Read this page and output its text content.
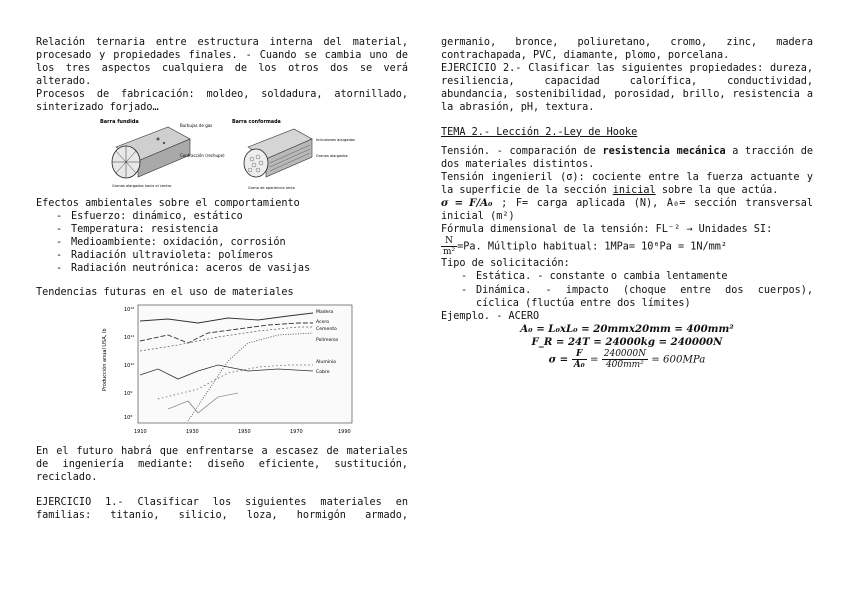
Relación ternaria entre estructura interna del material, procesado y propiedades finales. - Cuando se cambia uno de los tres aspectos cualquiera de los otros dos se verá alterado.

Procesos de fabricación: moldeo, soldadura, atornillado, sinterizado forjado…

Barra fundida
Burbujas de gas
Contracción (rechupe)
Granos alargados hacia el centro
Barra conformada
Inclusiones alargadas
Granos alargados
Grano de apariencia recta

Efectos ambientales sobre el comportamiento

- Esfuerzo: dinámico, estático
- Temperatura: resistencia
- Medioambiente: oxidación, corrosión
- Radiación ultravioleta: polímeros
- Radiación neutrónica: aceros de vasijas

Tendencias futuras en el uso de materiales

Producción anual USA, lb
10¹²
10¹¹
10¹⁰
10⁹
10⁸
1910	1930	1950	1970	1990
Madera
Acero
Cemento
Polímeros
Aluminio
Cobre

En el futuro habrá que enfrentarse a escasez de materiales de ingeniería mediante: diseño eficiente, sustitución, reciclado.

EJERCICIO 1.- Clasificar los siguientes materiales en familias: titanio, silicio, loza, hormigón armado,

germanio, bronce, poliuretano, cromo, zinc, madera contrachapada, PVC, diamante, plomo, porcelana.

EJERCICIO 2.- Clasificar las siguientes propiedades: dureza, resiliencia, capacidad calorífica, conductividad, abundancia, sostenibilidad, porosidad, brillo, resistencia a la abrasión, pH, textura.

TEMA 2.- Lección 2.-Ley de Hooke

Tensión. - comparación de resistencia mecánica a tracción de dos materiales distintos.

Tensión ingenieril (σ): cociente entre la fuerza actuante y la superficie de la sección inicial sobre la que actúa.

σ = F/A₀ ; F= carga aplicada (N), A₀= sección transversal inicial (m²)

Fórmula dimensional de la tensión: FL⁻² → Unidades SI:

$\frac{N}{\text{m²}} =Pa$. Múltiplo habitual: 1MPa= 10⁶Pa = 1N/mm²

Tipo de solicitación:

- Estática. - constante o cambia lentamente
- Dinámica. - impacto (choque entre dos cuerpos), cíclica (fluctúa entre dos límites)

Ejemplo. - ACERO

A₀ = L₀xL₀ = 20mmx20mm = 400mm²

F_R = 24T = 24000kg = 240000N

$\sigma = \frac{F}{\text{A₀}} = \frac{240000N}{\text{400mm²}} = 600MPa$
